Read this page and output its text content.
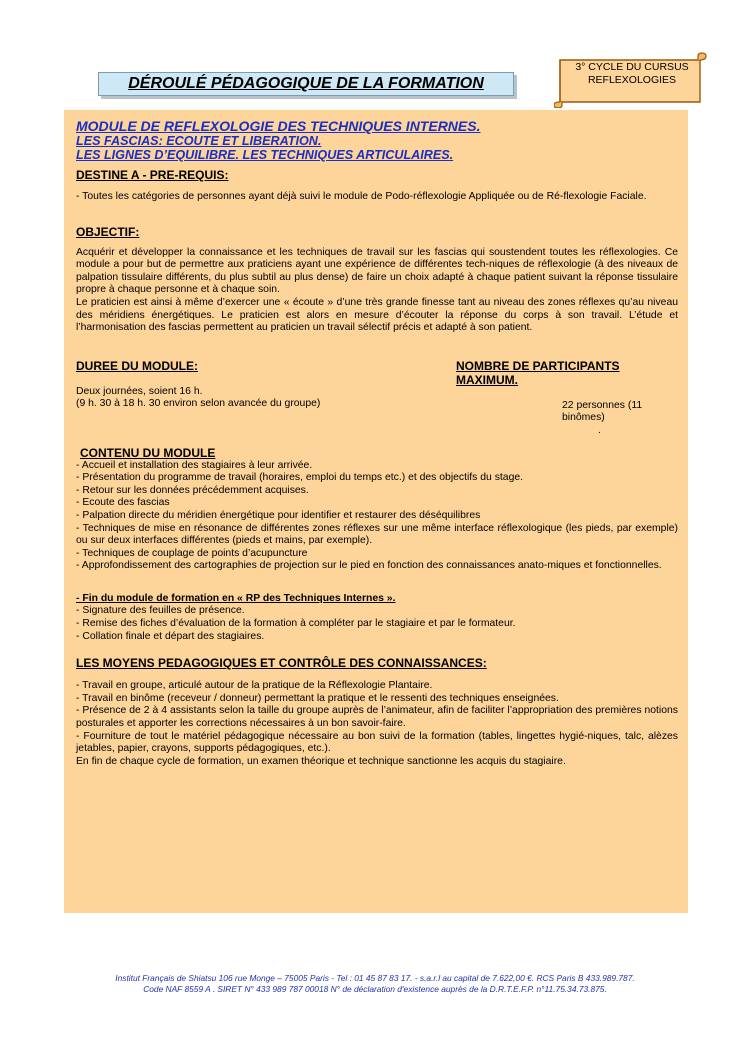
DÉROULÉ PÉDAGOGIQUE DE LA FORMATION
3° CYCLE DU CURSUS
REFLEXOLOGIES

MODULE DE REFLEXOLOGIE DES TECHNIQUES INTERNES.

LES FASCIAS: ECOUTE ET LIBERATION.

LES LIGNES D’EQUILIBRE. LES TECHNIQUES ARTICULAIRES.

DESTINE A - PRE-REQUIS:

- Toutes les catégories de personnes ayant déjà suivi le module de Podo-réflexologie Appliquée ou de Ré-flexologie Faciale.

OBJECTIF:

Acquérir et développer la connaissance et les techniques de travail sur les fascias qui soustendent toutes les réflexologies. Ce module a pour but de permettre aux praticiens ayant une expérience de différentes tech-niques de réflexologie (à des niveaux de palpation tissulaire différents, du plus subtil au plus dense) de faire un choix adapté à chaque patient suivant la réponse tissulaire propre à chaque personne et à chaque soin.

Le praticien est ainsi à même d’exercer une « écoute » d’une très grande finesse tant au niveau des zones réflexes qu’au niveau des méridiens énergétiques. Le praticien est alors en mesure d’écouter la réponse du corps à son travail. L’étude et l’harmonisation des fascias permettent au praticien un travail sélectif précis et adapté à son patient.

DUREE DU MODULE:

Deux journées, soient 16 h.

(9 h. 30 à 18 h. 30 environ selon avancée du groupe)

NOMBRE DE PARTICIPANTS MAXIMUM.

22 personnes (11 binômes)

.

CONTENU DU MODULE

- Accueil et installation des stagiaires à leur arrivée.

- Présentation du programme de travail (horaires, emploi du temps etc.) et des objectifs du stage.

- Retour sur les données précédemment acquises.

- Ecoute des fascias

- Palpation directe du méridien énergétique pour identifier et restaurer des déséquilibres

- Techniques de mise en résonance de différentes zones réflexes sur une même interface réflexologique (les pieds, par exemple) ou sur deux interfaces différentes (pieds et mains, par exemple).

- Techniques de couplage de points d’acupuncture

- Approfondissement des cartographies de projection sur le pied en fonction des connaissances anato-miques et fonctionnelles.

- Fin du module de formation en « RP des Techniques Internes ».

- Signature des feuilles de présence.

- Remise des fiches d’évaluation de la formation à compléter par le stagiaire et par le formateur.

- Collation finale et départ des stagiaires.

LES MOYENS PEDAGOGIQUES ET CONTRÔLE DES CONNAISSANCES:

- Travail en groupe, articulé autour de la pratique de la Réflexologie Plantaire.

- Travail en binôme (receveur / donneur) permettant la pratique et le ressenti des techniques enseignées.

- Présence de 2 à 4 assistants selon la taille du groupe auprès de l’animateur, afin de faciliter l’appropriation des premières notions posturales et apporter les corrections nécessaires à un bon savoir-faire.

- Fourniture de tout le matériel pédagogique nécessaire au bon suivi de la formation (tables, lingettes hygié-niques, talc, alèzes jetables, papier, crayons, supports pédagogiques, etc.).

En fin de chaque cycle de formation, un examen théorique et technique sanctionne les acquis du stagiaire.

Institut Français de Shiatsu 106 rue Monge – 75005 Paris - Tel : 01 45 87 83 17. - s.a.r.l au capital de 7.622,00 €. RCS Paris B 433.989.787.
Code NAF 8559 A . SIRET N° 433 989 787 00018 N° de déclaration d'existence auprès de la D.R.T.E.F.P. n°11.75.34.73.875.
